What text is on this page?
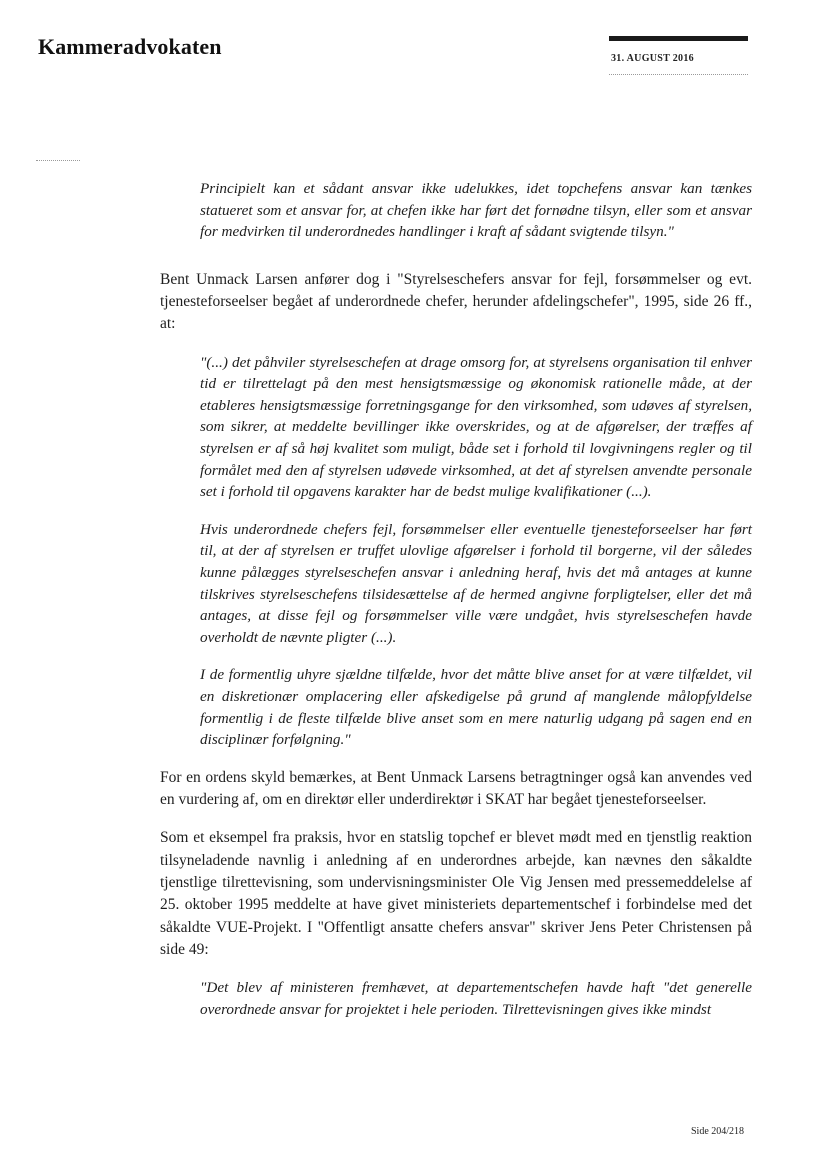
Kammeradvokaten	31. AUGUST 2016

Principielt kan et sådant ansvar ikke udelukkes, idet topchefens ansvar kan tænkes statueret som et ansvar for, at chefen ikke har ført det fornødne tilsyn, eller som et ansvar for medvirken til underordnedes handlinger i kraft af sådant svigtende tilsyn."

Bent Unmack Larsen anfører dog i "Styrelseschefers ansvar for fejl, forsømmelser og evt. tjenesteforseelser begået af underordnede chefer, herunder afdelingschefer", 1995, side 26 ff., at:

"(...) det påhviler styrelseschefen at drage omsorg for, at styrelsens organisation til enhver tid er tilrettelagt på den mest hensigtsmæssige og økonomisk rationelle måde, at der etableres hensigtsmæssige forretningsgange for den virksomhed, som udøves af styrelsen, som sikrer, at meddelte bevillinger ikke overskrides, og at de afgørelser, der træffes af styrelsen er af så høj kvalitet som muligt, både set i forhold til lovgivningens regler og til formålet med den af styrelsen udøvede virksomhed, at det af styrelsen anvendte personale set i forhold til opgavens karakter har de bedst mulige kvalifikationer (...).

Hvis underordnede chefers fejl, forsømmelser eller eventuelle tjenesteforseelser har ført til, at der af styrelsen er truffet ulovlige afgørelser i forhold til borgerne, vil der således kunne pålægges styrelseschefen ansvar i anledning heraf, hvis det må antages at kunne tilskrives styrelseschefens tilsidesættelse af de hermed angivne forpligtelser, eller det må antages, at disse fejl og forsømmelser ville være undgået, hvis styrelseschefen havde overholdt de nævnte pligter (...).

I de formentlig uhyre sjældne tilfælde, hvor det måtte blive anset for at være tilfældet, vil en diskretionær omplacering eller afskedigelse på grund af manglende målopfyldelse formentlig i de fleste tilfælde blive anset som en mere naturlig udgang på sagen end en disciplinær forfølgning."

For en ordens skyld bemærkes, at Bent Unmack Larsens betragtninger også kan anvendes ved en vurdering af, om en direktør eller underdirektør i SKAT har begået tjenesteforseelser.

Som et eksempel fra praksis, hvor en statslig topchef er blevet mødt med en tjenstlig reaktion tilsyneladende navnlig i anledning af en underordnes arbejde, kan nævnes den såkaldte tjenstlige tilrettevisning, som undervisningsminister Ole Vig Jensen med pressemeddelelse af 25. oktober 1995 meddelte at have givet ministeriets departementschef i forbindelse med det såkaldte VUE-Projekt. I "Offentligt ansatte chefers ansvar" skriver Jens Peter Christensen på side 49:

"Det blev af ministeren fremhævet, at departementschefen havde haft "det generelle overordnede ansvar for projektet i hele perioden. Tilrettevisningen gives ikke mindst

Side 204/218
